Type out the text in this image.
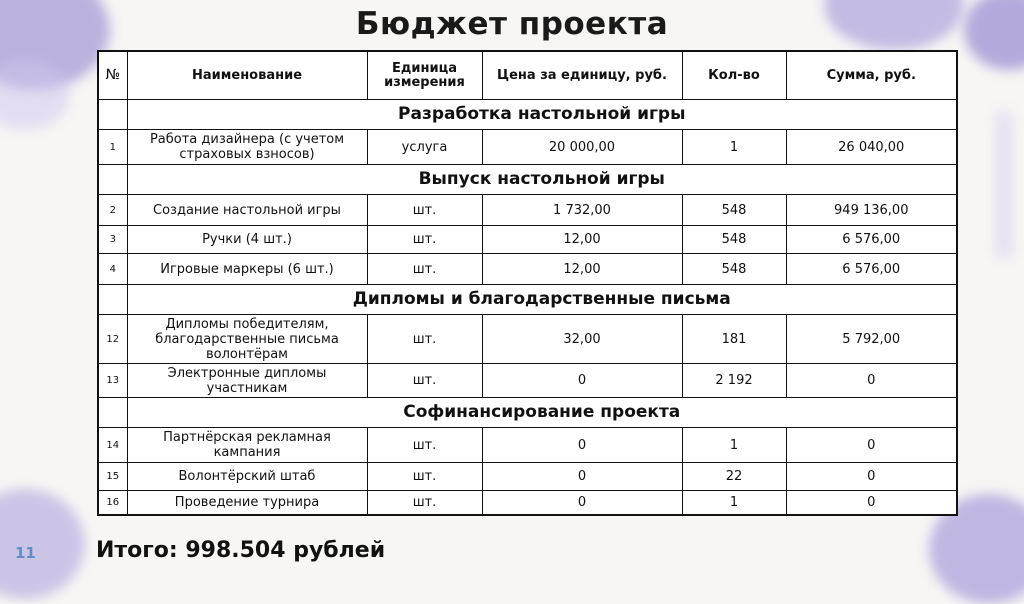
Бюджет проекта
№	Наименование	Единица измерения	Цена за единицу, руб.	Кол-во	Сумма, руб.
	Разработка настольной игры				
1	Работа дизайнера (с учетом страховых взносов)	услуга	20 000,00	1	26 040,00
	Выпуск настольной игры				
2	Создание настольной игры	шт.	1 732,00	548	949 136,00
3	Ручки (4 шт.)	шт.	12,00	548	6 576,00
4	Игровые маркеры (6 шт.)	шт.	12,00	548	6 576,00
	Дипломы и благодарственные письма				
12	Дипломы победителям, благодарственные письма волонтёрам	шт.	32,00	181	5 792,00
13	Электронные дипломы участникам	шт.	0	2 192	0
	Софинансирование проекта				
14	Партнёрская рекламная кампания	шт.	0	1	0
15	Волонтёрский штаб	шт.	0	22	0
16	Проведение турнира	шт.	0	1	0
11	Итого: 998.504 рублей
